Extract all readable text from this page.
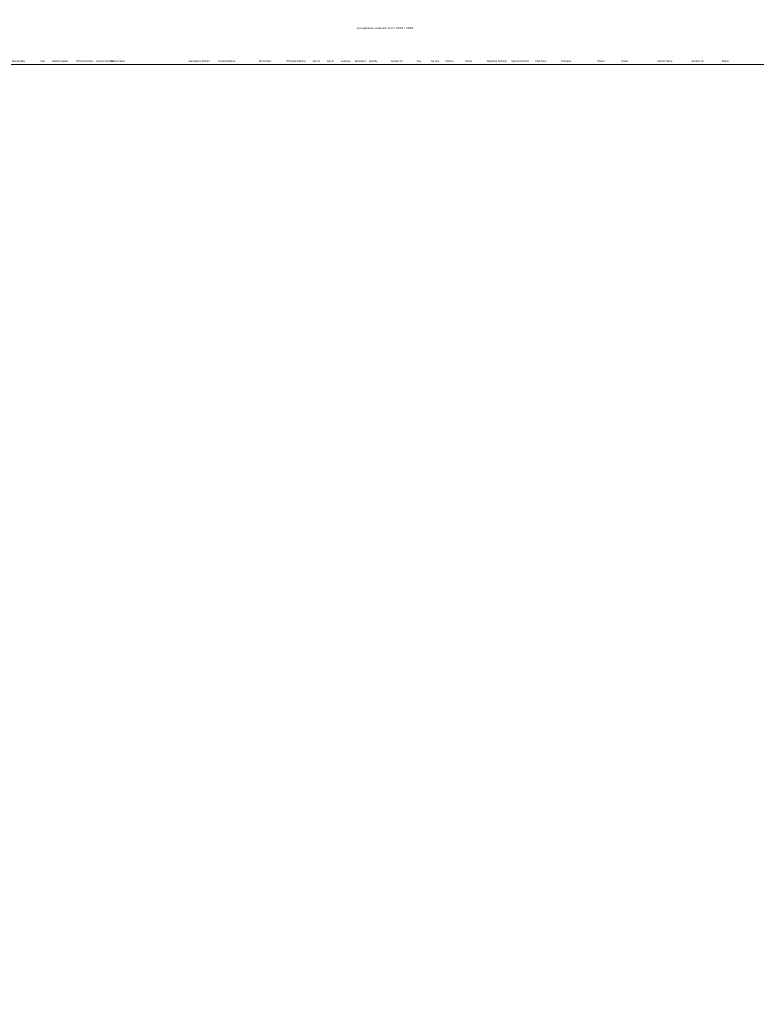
comparative analysis of FY 2019 / 2020
Municipality	Year	Ward/Location	School Number	Census Number	School Name	Attendance District	Postal Address	Tel Contact	Physical Address	Gps N	Gps E	Learners	Educators	Quintile	Section 21	Fee	No Fee	Column	Owner	Boarding Schools	Special Schools	Intel Zone	Principal	Phone	Email	District Name	Section 20	Status
